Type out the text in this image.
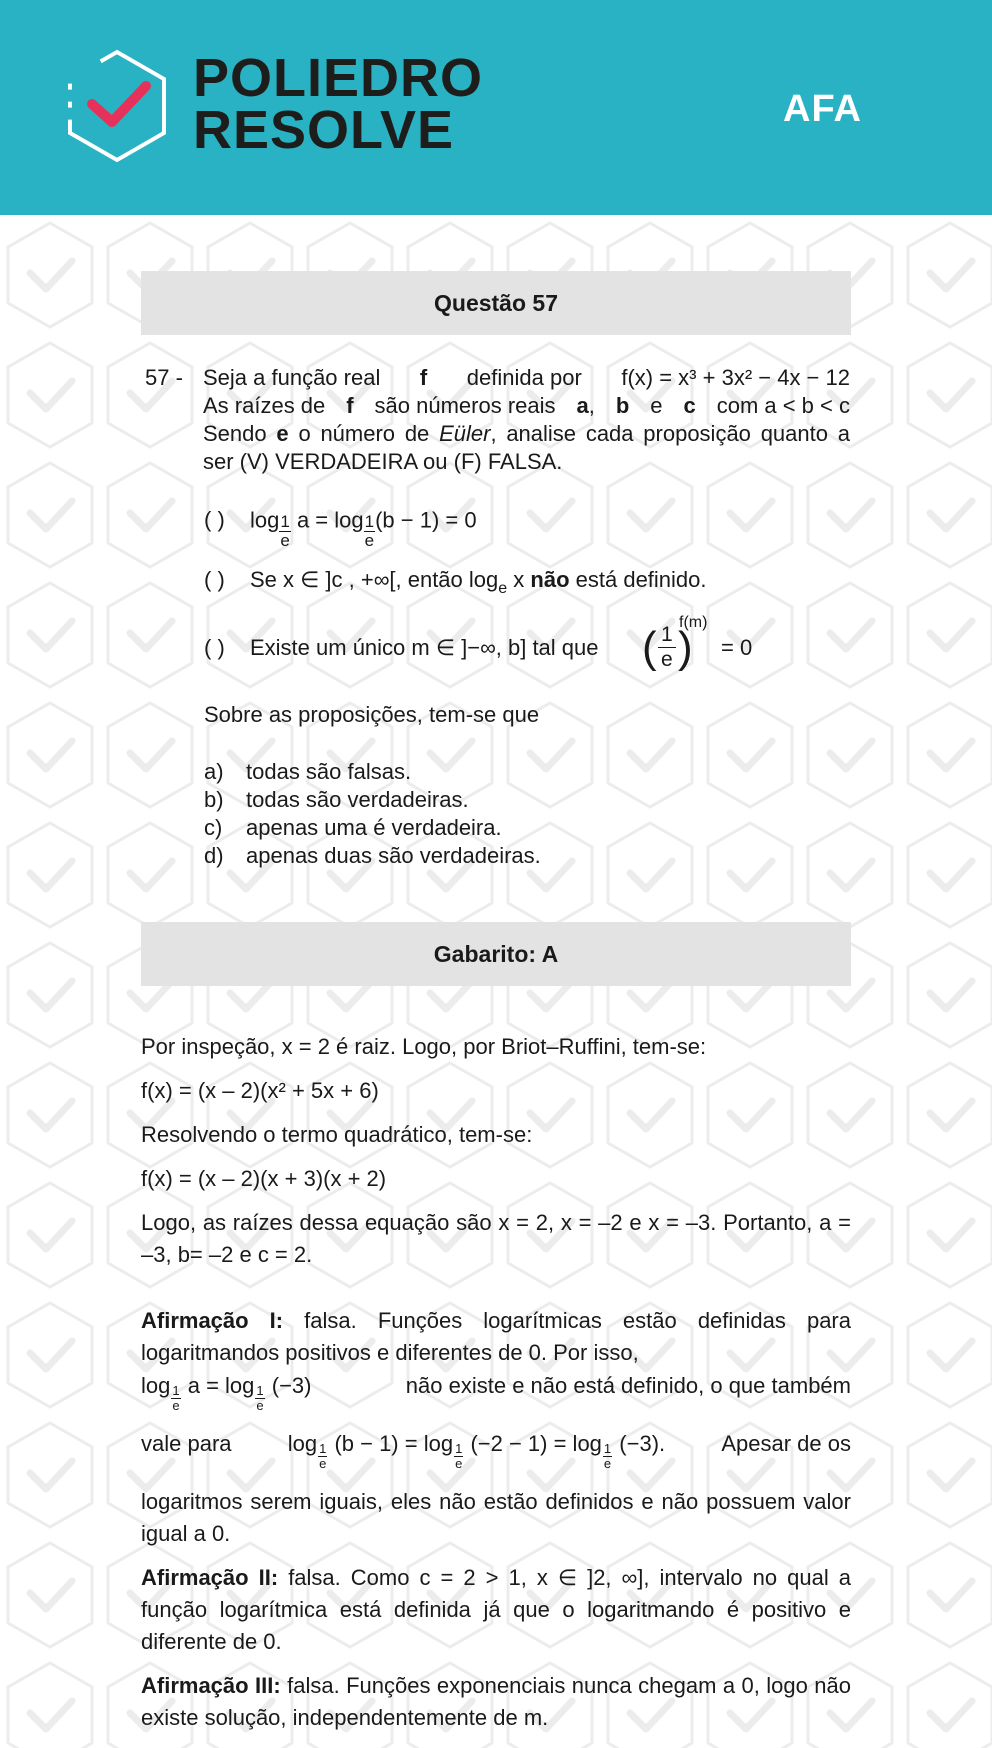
POLIEDRO
RESOLVE	AFA
Questão 57
57 - Seja a função real f definida por f(x) = x³ + 3x² − 4x − 12
As raízes de f são números reais a, b e c com a < b < c
Sendo e o número de Eüler, analise cada proposição quanto a ser (V) VERDADEIRA ou (F) FALSA.
( ) $\log \frac{1}{e}$ $a = \log \frac{1}{e} (b - 1) = 0$
( ) Se x ∈ ]c , +∞[, então $\log_e x$ não está definido.
( ) Existe um único m ∈ ]−∞, b] tal que ( $\frac{1}{e}$ )
f(m)
= 0
Sobre as proposições, tem-se que
a) todas são falsas.
b) todas são verdadeiras.
c) apenas uma é verdadeira.
d) apenas duas são verdadeiras.
Gabarito: A
Por inspeção, x = 2 é raiz. Logo, por Briot–Ruffini, tem-se:
f(x) = (x – 2)(x² + 5x + 6)
Resolvendo o termo quadrático, tem-se:
f(x) = (x – 2)(x + 3)(x + 2)
Logo, as raízes dessa equação são x = 2, x = –2 e x = –3. Portanto, a = –3, b= –2 e c = 2.
Afirmação I: falsa. Funções logarítmicas estão definidas para logaritmandos positivos e diferentes de 0. Por isso,
$\log \frac{1}{e}$ $a = \log \frac{1}{e} (-3)$	não existe e não está definido, o que também
vale para	$\log \frac{1}{e} (b - 1) = \log \frac{1}{e} (-2 - 1) = \log \frac{1}{e} (-3)$.	Apesar de os
logaritmos serem iguais, eles não estão definidos e não possuem valor igual a 0.
Afirmação II: falsa. Como c = 2 > 1, x ∈ ]2, ∞], intervalo no qual a função logarítmica está definida já que o logaritmando é positivo e diferente de 0.
Afirmação III: falsa. Funções exponenciais nunca chegam a 0, logo não existe solução, independentemente de m.
